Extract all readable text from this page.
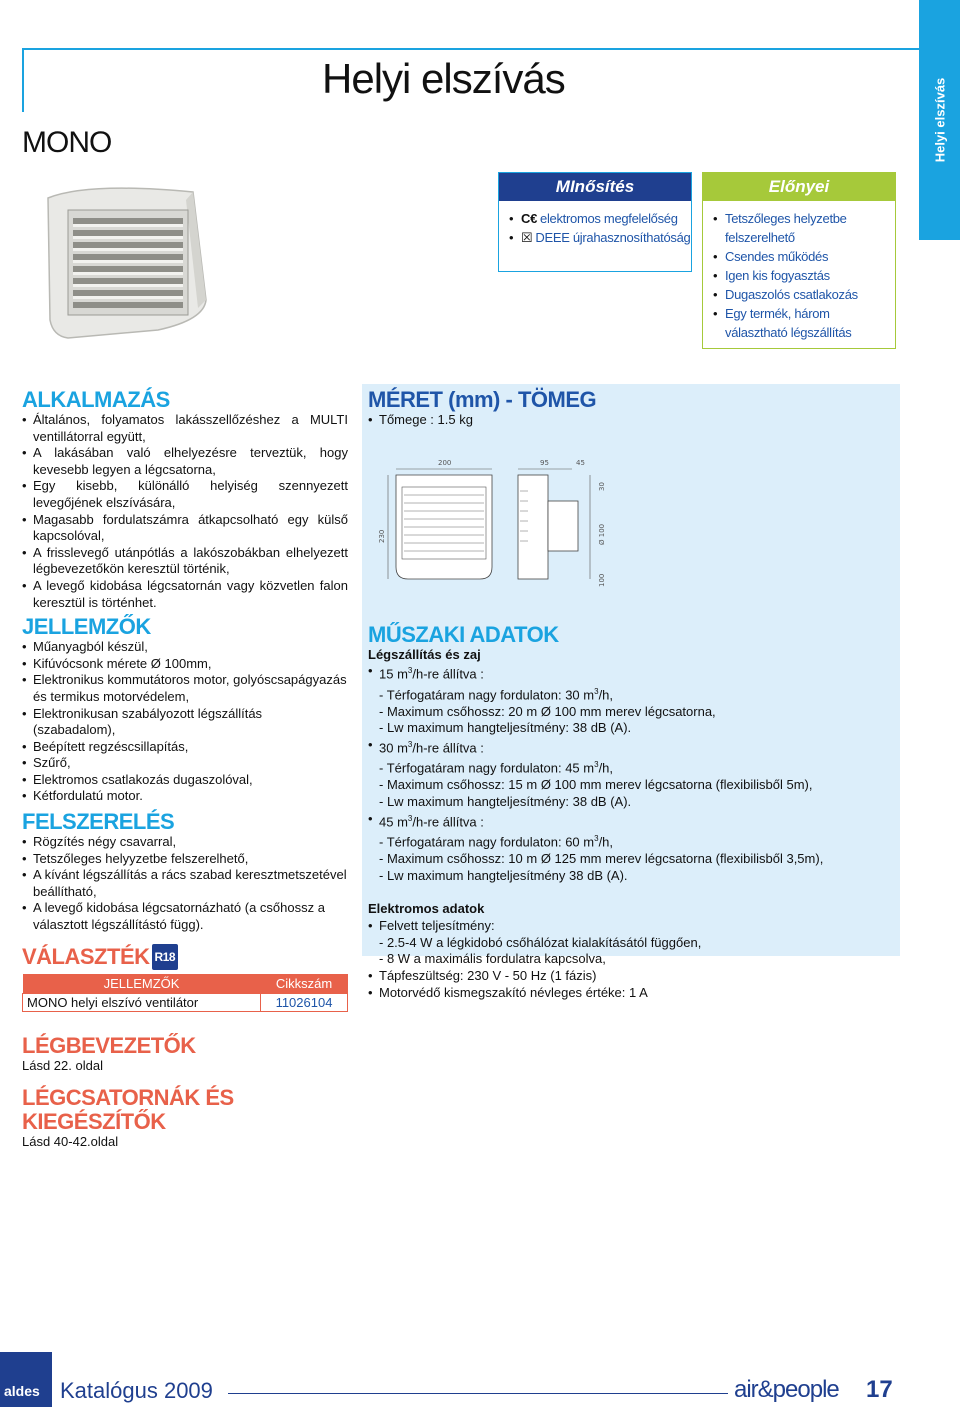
Helyi elszívás
Helyi elszívás
MONO
MInősítés
• C€ elektromos megfelelőség
• ☒ DEEE újrahasznosíthatóság
Előnyei
• Tetszőleges helyzetbe felszerelhető
• Csendes működés
• Igen kis fogyasztás
• Dugaszolós csatlakozás
• Egy termék, három választható légszállítás
ALKALMAZÁS
• Általános, folyamatos lakásszellőzéshez a MULTI ventillátorral együtt,
• A lakásában való elhelyezésre terveztük, hogy kevesebb legyen a légcsatorna,
• Egy kisebb, különálló helyiség szennyezett levegőjének elszívására,
• Magasabb fordulatszámra átkapcsolható egy külső kapcsolóval,
• A frisslevegő utánpótlás a lakószobákban elhelyezett légbevezetőkön keresztül történik,
• A levegő kidobása légcsatornán vagy közvetlen falon keresztül is történhet.
JELLEMZŐK
• Műanyagból készül,
• Kifúvócsonk mérete Ø 100mm,
• Elektronikus kommutátoros motor, golyóscsapágyazás és termikus motorvédelem,
• Elektronikusan szabályozott légszállítás (szabadalom),
• Beépített regzéscsillapítás,
• Szűrő,
• Elektromos csatlakozás dugaszolóval,
• Kétfordulatú motor.
FELSZERELÉS
• Rögzítés négy csavarral,
• Tetszőleges helyyzetbe felszerelhető,
• A kívánt légszállítás a rács szabad keresztmetszetével beállítható,
• A levegő kidobása légcsatornázható (a csőhossz a választott légszállítástó függ).
VÁLASZTÉK R18
JELLEMZŐK	Cikkszám
MONO helyi elszívó ventilátor	11026104
LÉGBEVEZETŐK

Lásd 22. oldal

LÉGCSATORNÁK ÉS KIEGÉSZÍTŐK

Lásd 40-42.oldal

MÉRET (mm) - TÖMEG
• Tőmege : 1.5 kg
200
230
95	45
30
Ø 100
100
MŰSZAKI ADATOK

Légszállítás és zaj

• 15 $m^3/h-re$ állítva :
- Térfogatáram nagy fordulaton: 30 $m^3/h$,
- Maximum csőhossz: 20 m Ø 100 mm merev légcsatorna,
- Lw maximum hangteljesítmény: 38 dB (A).
• 30 $m^3/h-re$ állítva :
- Térfogatáram nagy fordulaton: 45 $m^3/h$,
- Maximum csőhossz: 15 m Ø 100 mm merev légcsatorna (flexibilisből 5m),
- Lw maximum hangteljesítmény: 38 dB (A).
• 45 $m^3/h-re$ állítva :
- Térfogatáram nagy fordulaton: 60 $m^3/h$,
- Maximum csőhossz: 10 m Ø 125 mm merev légcsatorna (flexibilisből 3,5m),
- Lw maximum hangteljesítmény 38 dB (A).

Elektromos adatok

• Felvett teljesítmény:
- 2.5-4 W a légkidobó csőhálózat kialakításától függően,
- 8 W a maximális fordulatra kapcsolva,
• Tápfeszültség: 230 V - 50 Hz (1 fázis)
• Motorvédő kismegszakító névleges értéke: 1 A
aldes Katalógus 2009	air&people 17
